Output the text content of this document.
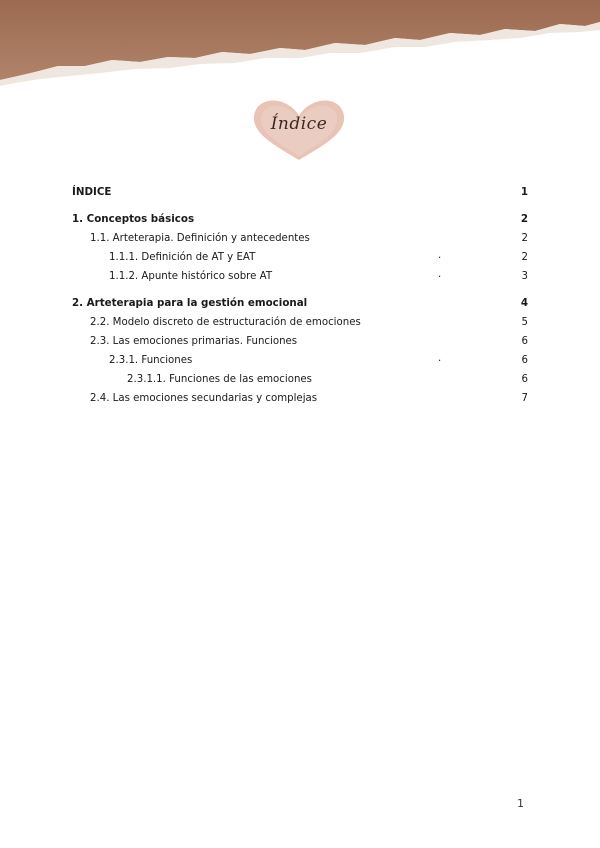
Índice
ÍNDICE	1
1. Conceptos básicos	2
1.1. Arteterapia. Definición y antecedentes	2
1.1.1. Definición de AT y EAT	.	2
1.1.2. Apunte histórico sobre AT	.	3
2. Arteterapia para la gestión emocional	4
2.2. Modelo discreto de estructuración de emociones	5
2.3. Las emociones primarias. Funciones	6
2.3.1. Funciones	.	6
2.3.1.1. Funciones de las emociones	6
2.4. Las emociones secundarias y complejas	7
1
